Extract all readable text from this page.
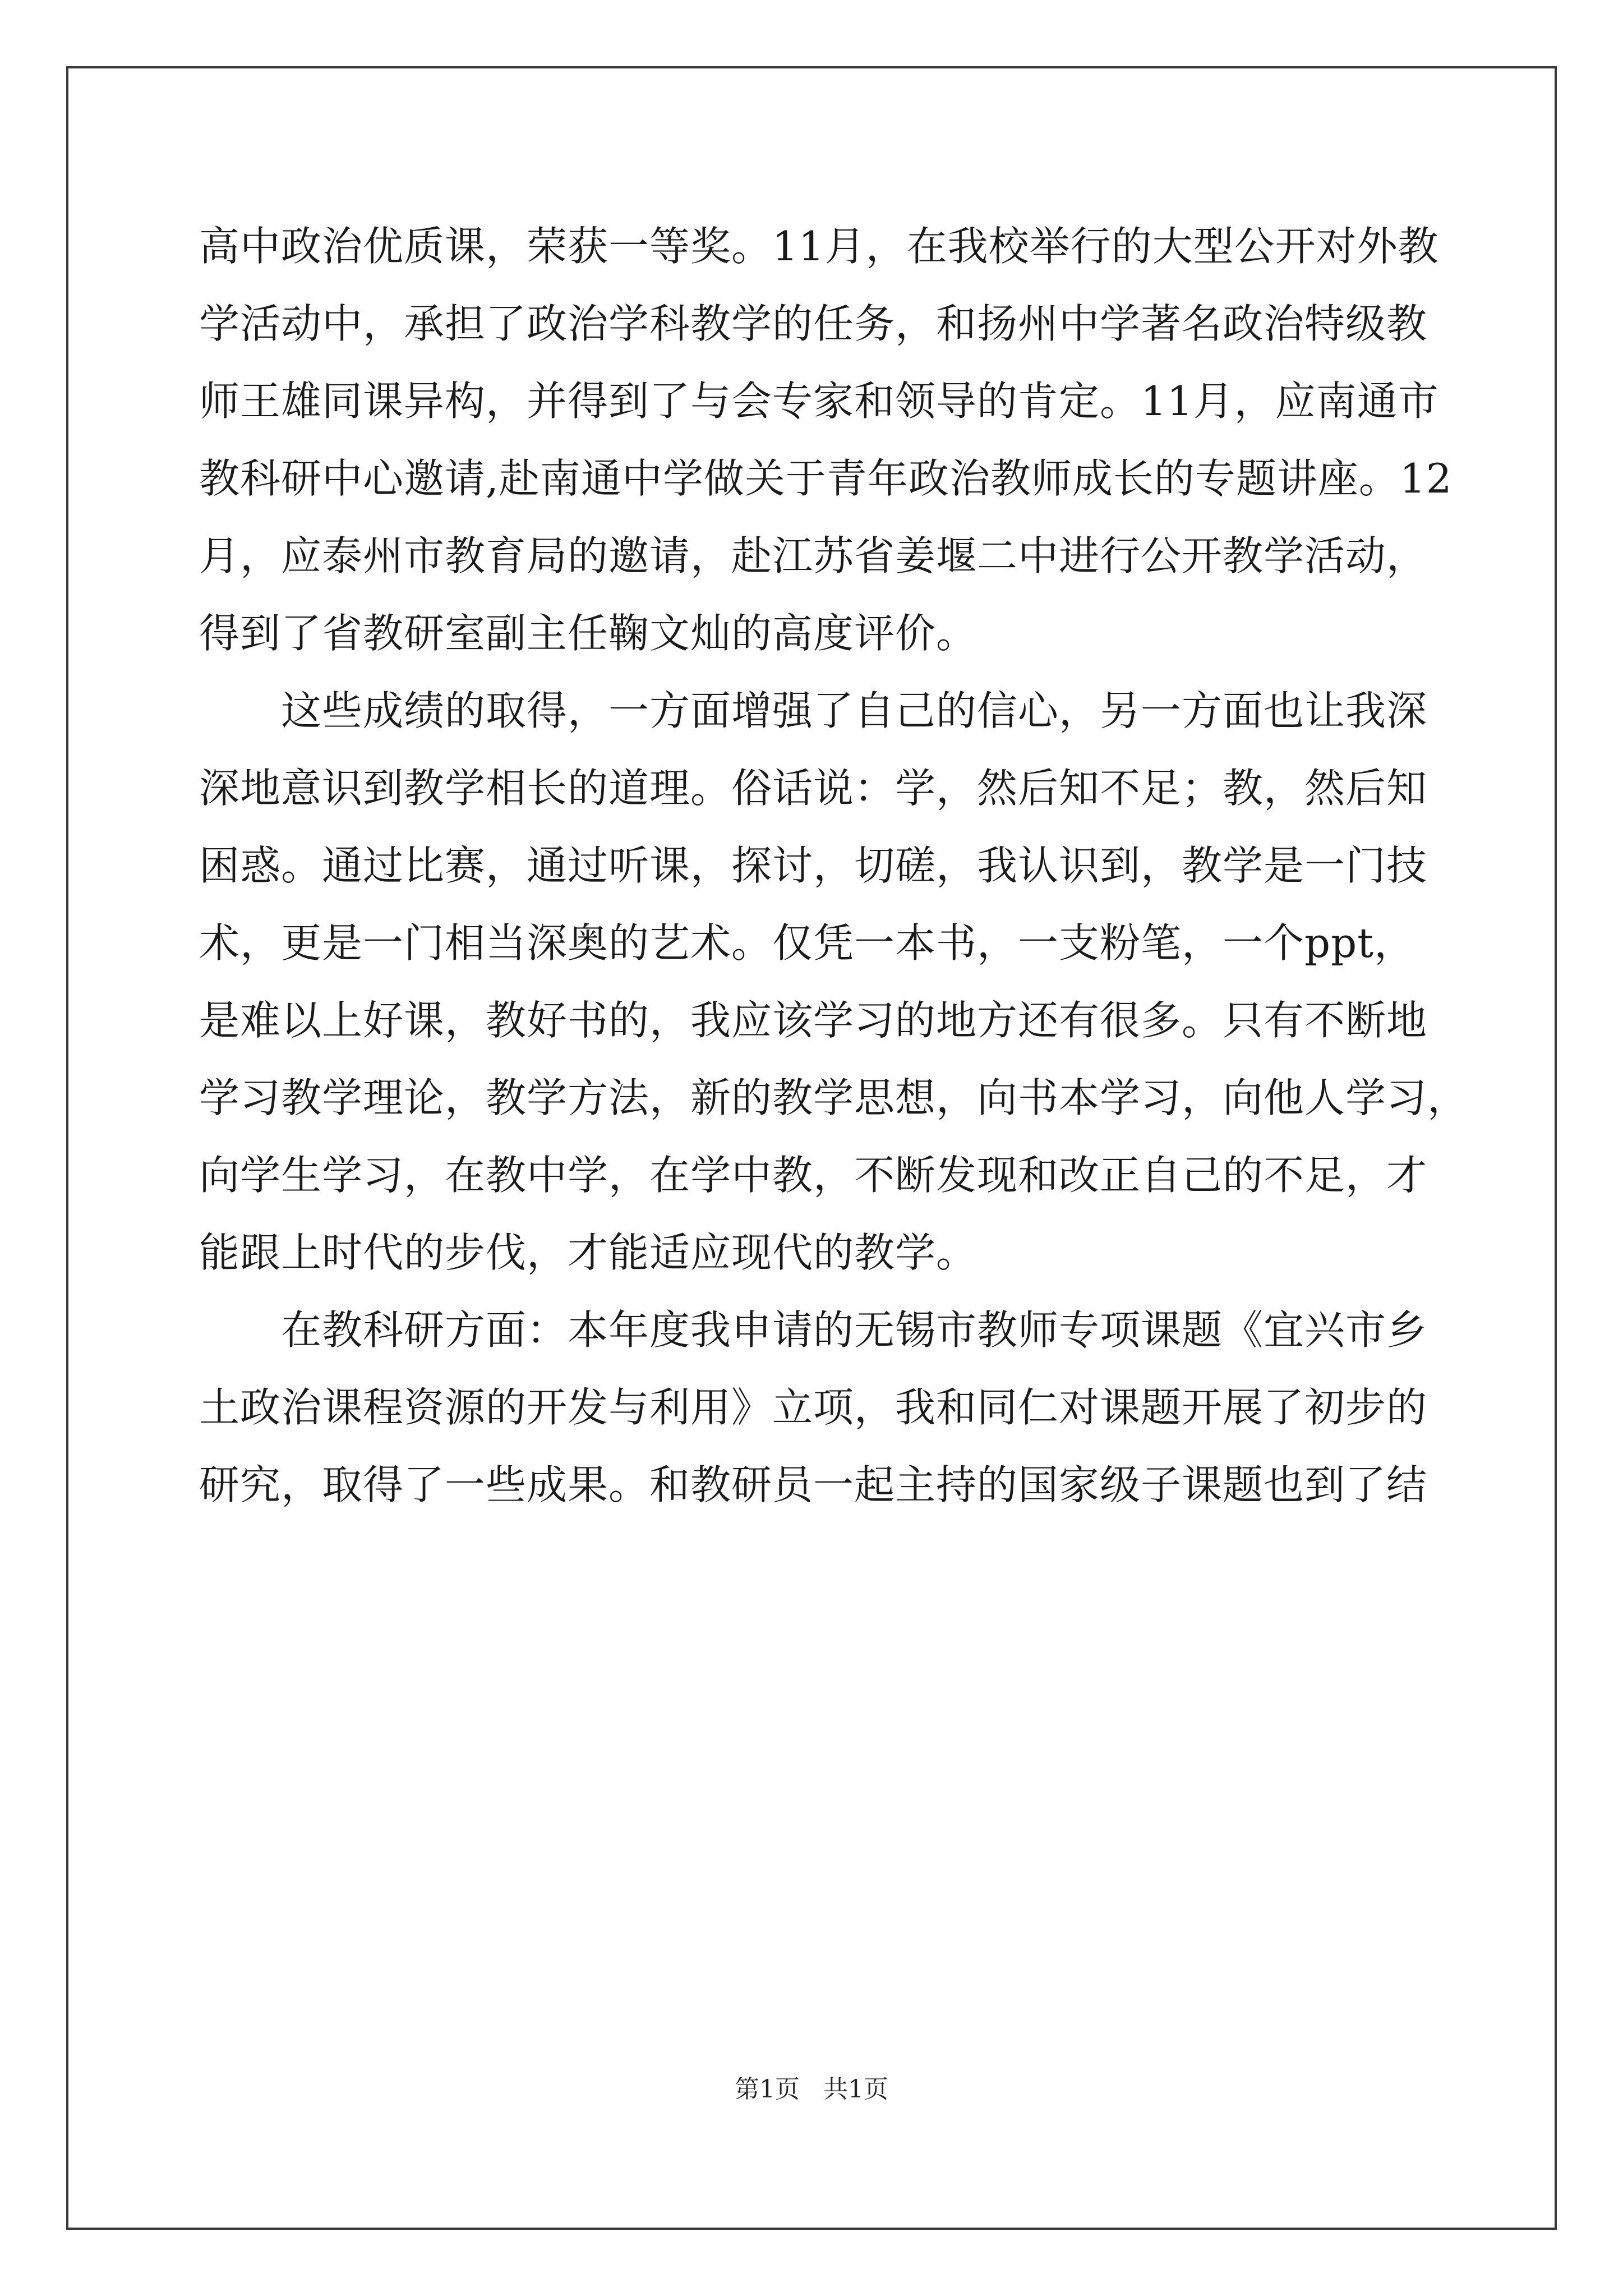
高中政治优质课，荣获一等奖。11月，在我校举行的大型公开对外教
学活动中，承担了政治学科教学的任务，和扬州中学著名政治特级教
师王雄同课异构，并得到了与会专家和领导的肯定。11月，应南通市
教科研中心邀请,赴南通中学做关于青年政治教师成长的专题讲座。12
月，应泰州市教育局的邀请，赴江苏省姜堰二中进行公开教学活动，
得到了省教研室副主任鞠文灿的高度评价。
　　这些成绩的取得，一方面增强了自己的信心，另一方面也让我深
深地意识到教学相长的道理。俗话说：学，然后知不足；教，然后知
困惑。通过比赛，通过听课，探讨，切磋，我认识到，教学是一门技
术，更是一门相当深奥的艺术。仅凭一本书，一支粉笔，一个ppt，
是难以上好课，教好书的，我应该学习的地方还有很多。只有不断地
学习教学理论，教学方法，新的教学思想，向书本学习，向他人学习，
向学生学习，在教中学，在学中教，不断发现和改正自己的不足，才
能跟上时代的步伐，才能适应现代的教学。
　　在教科研方面：本年度我申请的无锡市教师专项课题《宜兴市乡
土政治课程资源的开发与利用》立项，我和同仁对课题开展了初步的
研究，取得了一些成果。和教研员一起主持的国家级子课题也到了结
第1页   共1页
